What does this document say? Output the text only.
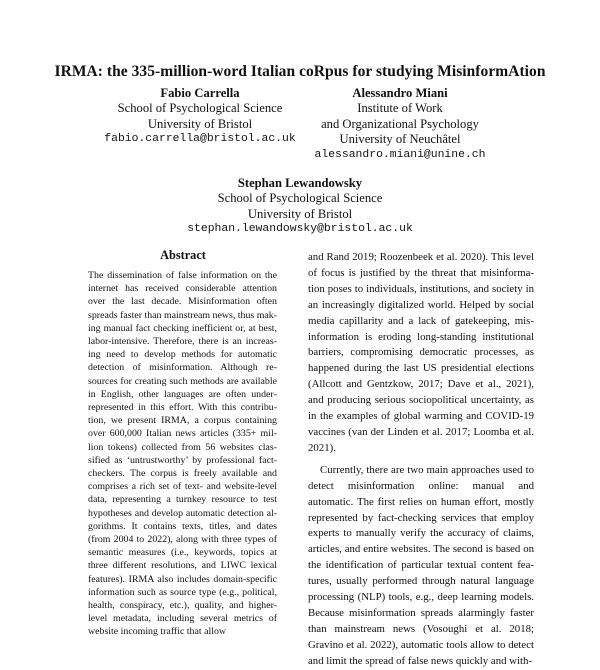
IRMA: the 335-million-word Italian coRpus for studying MisinformAtion
Fabio Carrella
School of Psychological Science
University of Bristol
fabio.carrella@bristol.ac.uk
Alessandro Miani
Institute of Work
and Organizational Psychology
University of Neuchâtel
alessandro.miani@unine.ch
Stephan Lewandowsky
School of Psychological Science
University of Bristol
stephan.lewandowsky@bristol.ac.uk
Abstract
The dissemination of false information on the internet has received considerable attention over the last decade. Misinformation often spreads faster than mainstream news, thus making manual fact checking inefficient or, at best, labor-intensive. Therefore, there is an increasing need to develop methods for automatic detection of misinformation. Although resources for creating such methods are available in English, other languages are often underrepresented in this effort. With this contribution, we present IRMA, a corpus containing over 600,000 Italian news articles (335+ million tokens) collected from 56 websites classified as ‘untrustworthy’ by professional factcheckers. The corpus is freely available and comprises a rich set of text- and website-level data, representing a turnkey resource to test hypotheses and develop automatic detection algorithms. It contains texts, titles, and dates (from 2004 to 2022), along with three types of semantic measures (i.e., keywords, topics at three different resolutions, and LIWC lexical features). IRMA also includes domain-specific information such as source type (e.g., political, health, conspiracy, etc.), quality, and higher-level metadata, including several metrics of website incoming traffic that allow

and Rand 2019; Roozenbeek et al. 2020). This level of focus is justified by the threat that misinformation poses to individuals, institutions, and society in an increasingly digitalized world. Helped by social media capillarity and a lack of gatekeeping, misinformation is eroding long-standing institutional barriers, compromising democratic processes, as happened during the last US presidential elections (Allcott and Gentzkow, 2017; Dave et al., 2021), and producing serious sociopolitical uncertainty, as in the examples of global warming and COVID-19 vaccines (van der Linden et al. 2017; Loomba et al. 2021).

Currently, there are two main approaches used to detect misinformation online: manual and automatic. The first relies on human effort, mostly represented by fact-checking services that employ experts to manually verify the accuracy of claims, articles, and entire websites. The second is based on the identification of particular textual content features, usually performed through natural language processing (NLP) tools, e.g., deep learning models. Because misinformation spreads alarmingly faster than mainstream news (Vosoughi et al. 2018; Gravino et al. 2022), automatic tools allow to detect and limit the spread of false news quickly and with-
